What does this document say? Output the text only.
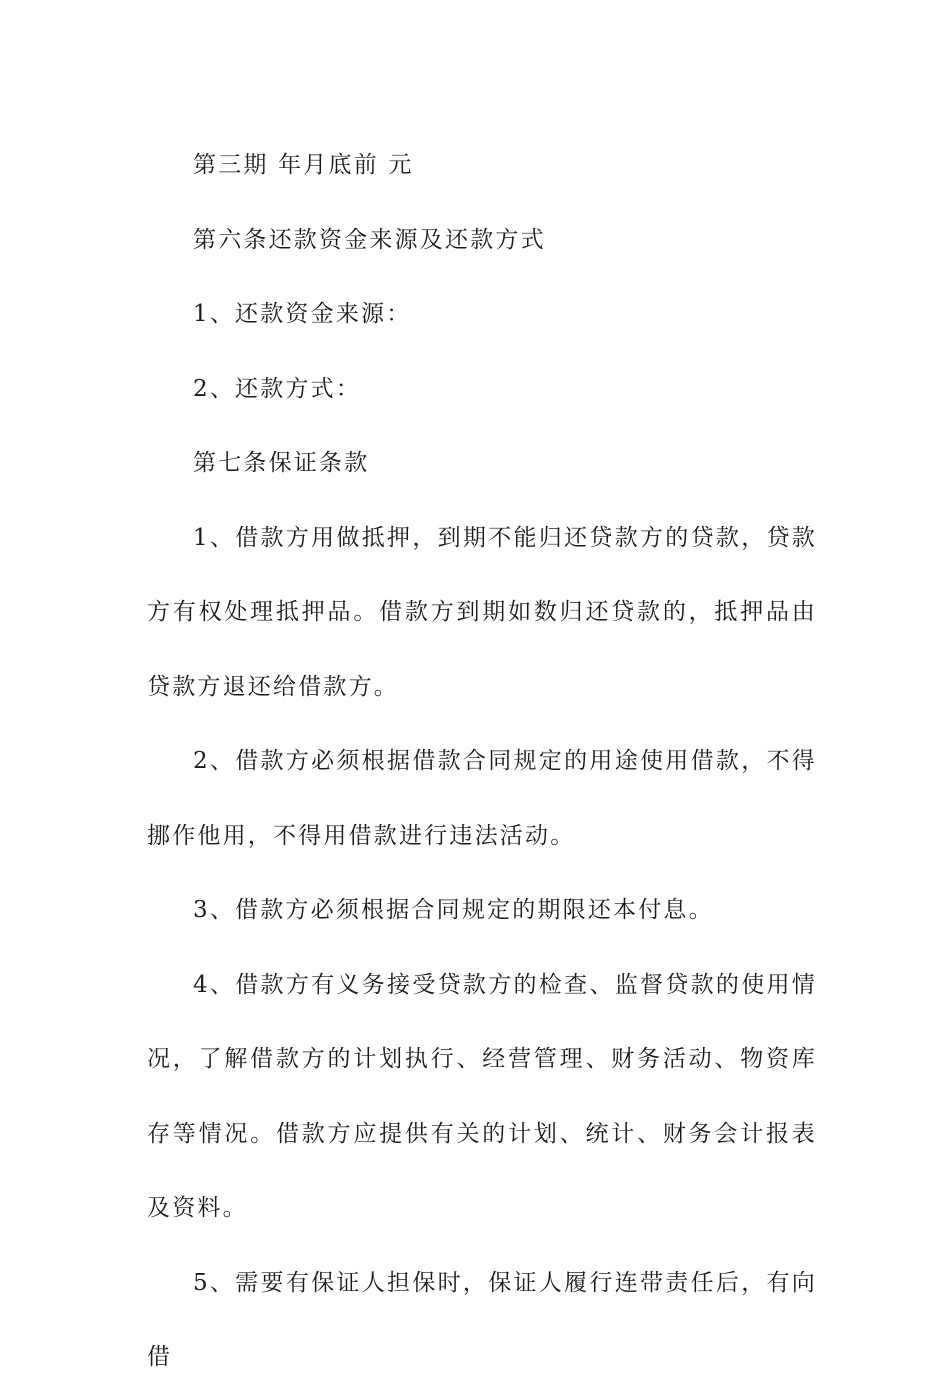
第三期 年月底前 元

第六条还款资金来源及还款方式

1、还款资金来源：

2、还款方式：

第七条保证条款

1、借款方用做抵押，到期不能归还贷款方的贷款，贷款方有权处理抵押品。借款方到期如数归还贷款的，抵押品由贷款方退还给借款方。

2、借款方必须根据借款合同规定的用途使用借款，不得挪作他用，不得用借款进行违法活动。

3、借款方必须根据合同规定的期限还本付息。

4、借款方有义务接受贷款方的检查、监督贷款的使用情况，了解借款方的计划执行、经营管理、财务活动、物资库存等情况。借款方应提供有关的计划、统计、财务会计报表及资料。

5、需要有保证人担保时，保证人履行连带责任后，有向借
